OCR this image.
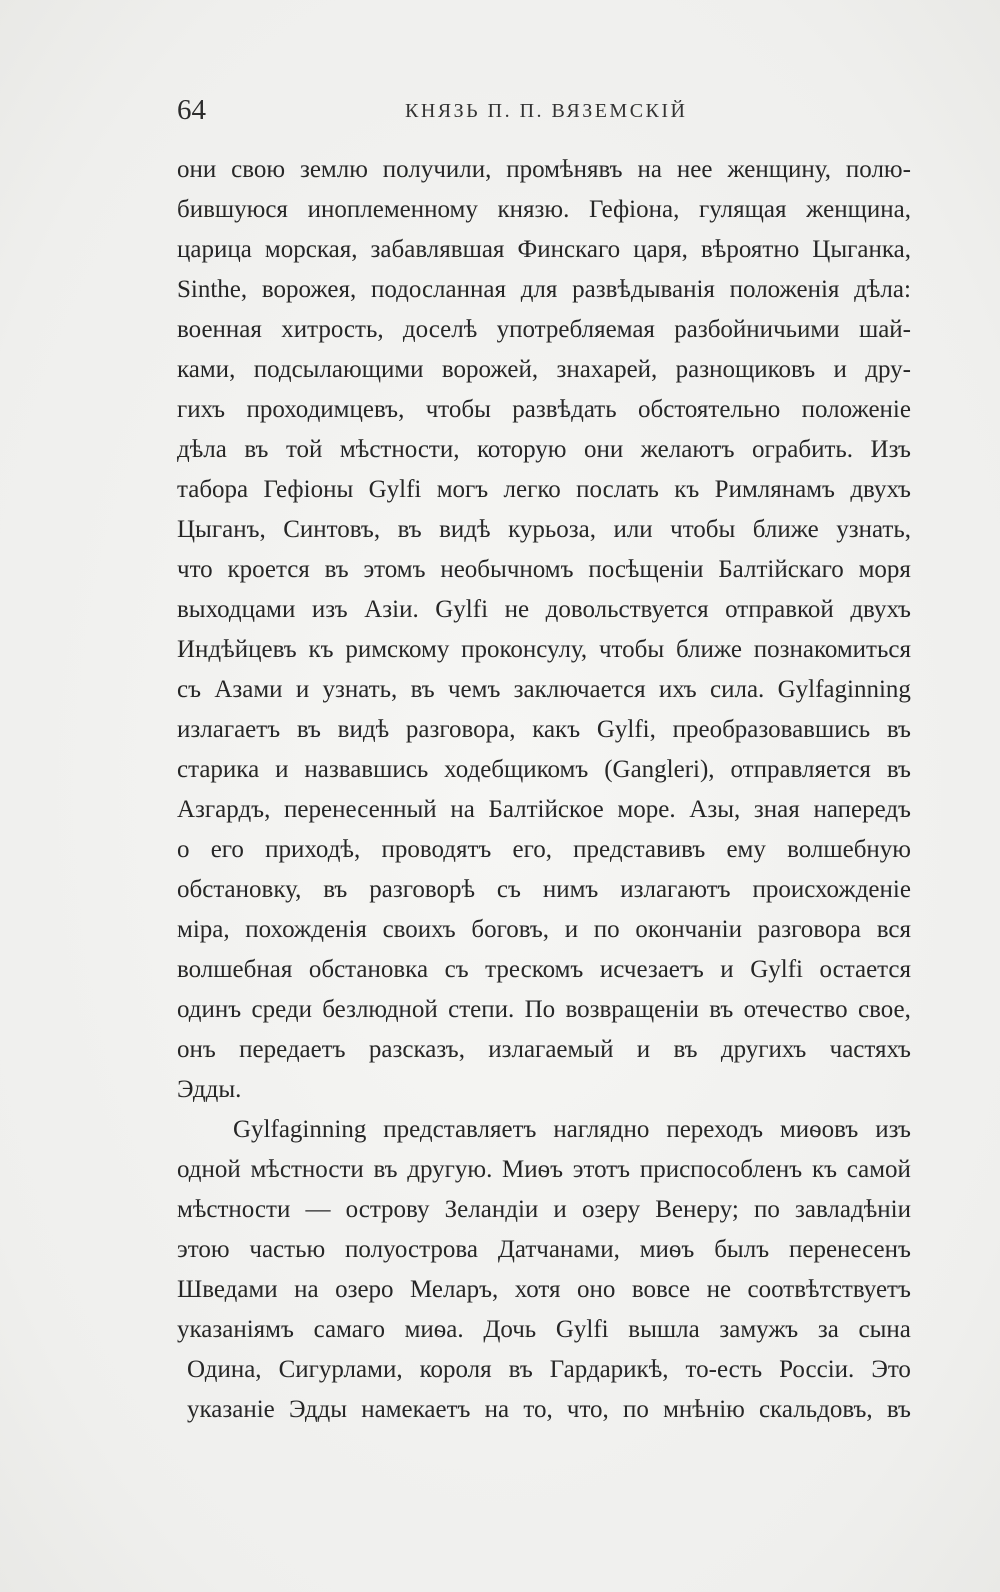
64	КНЯЗЬ П. П. ВЯЗЕМСКІЙ
они свою землю получили, промѣнявъ на нее женщину, полю-
бившуюся иноплеменному князю. Гефіона, гулящая женщина,
царица морская, забавлявшая Финскаго царя, вѣроятно Цыганка,
Sinthe, ворожея, подосланная для развѣдыванія положенія дѣла:
военная хитрость, доселѣ употребляемая разбойничьими шай-
ками, подсылающими ворожей, знахарей, разнощиковъ и дру-
гихъ проходимцевъ, чтобы развѣдать обстоятельно положеніе
дѣла въ той мѣстности, которую они желаютъ ограбить. Изъ
табора Гефіоны Gylfi могъ легко послать къ Римлянамъ двухъ
Цыганъ, Синтовъ, въ видѣ курьоза, или чтобы ближе узнать,
что кроется въ этомъ необычномъ посѣщеніи Балтійскаго моря
выходцами изъ Азіи. Gylfi не довольствуется отправкой двухъ
Индѣйцевъ къ римскому проконсулу, чтобы ближе познакомиться
съ Азами и узнать, въ чемъ заключается ихъ сила. Gylfaginning
излагаетъ въ видѣ разговора, какъ Gylfi, преобразовавшись въ
старика и назвавшись ходебщикомъ (Gangleri), отправляется въ
Азгардъ, перенесенный на Балтійское море. Азы, зная напередъ
о его приходѣ, проводятъ его, представивъ ему волшебную
обстановку, въ разговорѣ съ нимъ излагаютъ происхожденіе
міра, похожденія своихъ боговъ, и по окончаніи разговора вся
волшебная обстановка съ трескомъ исчезаетъ и Gylfi остается
одинъ среди безлюдной степи. По возвращеніи въ отечество свое,
онъ передаетъ разсказъ, излагаемый и въ другихъ частяхъ
Эдды.
Gylfaginning представляетъ наглядно переходъ миѳовъ изъ
одной мѣстности въ другую. Миѳъ этотъ приспособленъ къ самой
мѣстности — острову Зеландіи и озеру Венеру; по завладѣніи
этою частью полуострова Датчанами, миѳъ былъ перенесенъ
Шведами на озеро Меларъ, хотя оно вовсе не соотвѣтствуетъ
указаніямъ самаго миѳа. Дочь Gylfi вышла замужъ за сына
Одина, Сигурлами, короля въ Гардарикѣ, то-есть Россіи. Это
указаніе Эдды намекаетъ на то, что, по мнѣнію скальдовъ, въ
